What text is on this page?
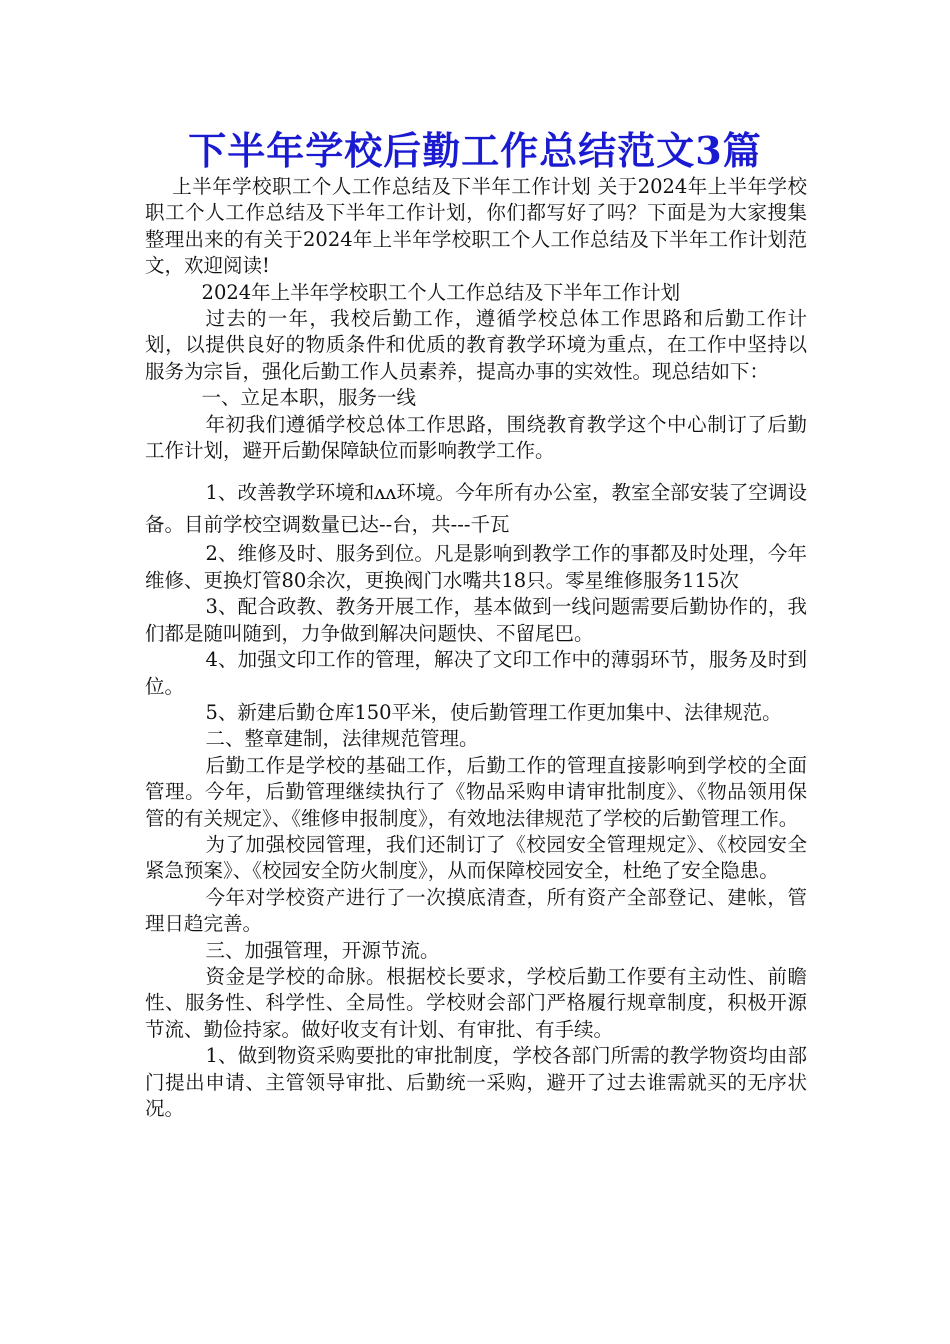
下半年学校后勤工作总结范文3篇

上半年学校职工个人工作总结及下半年工作计划 关于2024年上半年学校职工个人工作总结及下半年工作计划，你们都写好了吗？下面是为大家搜集整理出来的有关于2024年上半年学校职工个人工作总结及下半年工作计划范文，欢迎阅读!

2024年上半年学校职工个人工作总结及下半年工作计划

过去的一年，我校后勤工作，遵循学校总体工作思路和后勤工作计划，以提供良好的物质条件和优质的教育教学环境为重点，在工作中坚持以服务为宗旨，强化后勤工作人员素养，提高办事的实效性。现总结如下：

一、立足本职，服务一线

年初我们遵循学校总体工作思路，围绕教育教学这个中心制订了后勤工作计划，避开后勤保障缺位而影响教学工作。

1、改善教学环境和ʌʌ环境。今年所有办公室，教室全部安装了空调设备。目前学校空调数量已达--台，共---千瓦

2、维修及时、服务到位。凡是影响到教学工作的事都及时处理，今年维修、更换灯管80余次，更换阀门水嘴共18只。零星维修服务115次

3、配合政教、教务开展工作，基本做到一线问题需要后勤协作的，我们都是随叫随到，力争做到解决问题快、不留尾巴。

4、加强文印工作的管理，解决了文印工作中的薄弱环节，服务及时到位。

5、新建后勤仓库150平米，使后勤管理工作更加集中、法律规范。

二、整章建制，法律规范管理。

后勤工作是学校的基础工作，后勤工作的管理直接影响到学校的全面管理。今年，后勤管理继续执行了《物品采购申请审批制度》、《物品领用保管的有关规定》、《维修申报制度》，有效地法律规范了学校的后勤管理工作。

为了加强校园管理，我们还制订了《校园安全管理规定》、《校园安全紧急预案》、《校园安全防火制度》，从而保障校园安全，杜绝了安全隐患。

今年对学校资产进行了一次摸底清查，所有资产全部登记、建帐，管理日趋完善。

三、加强管理，开源节流。

资金是学校的命脉。根据校长要求，学校后勤工作要有主动性、前瞻性、服务性、科学性、全局性。学校财会部门严格履行规章制度，积极开源节流、勤俭持家。做好收支有计划、有审批、有手续。

1、做到物资采购要批的审批制度，学校各部门所需的教学物资均由部门提出申请、主管领导审批、后勤统一采购，避开了过去谁需就买的无序状况。
